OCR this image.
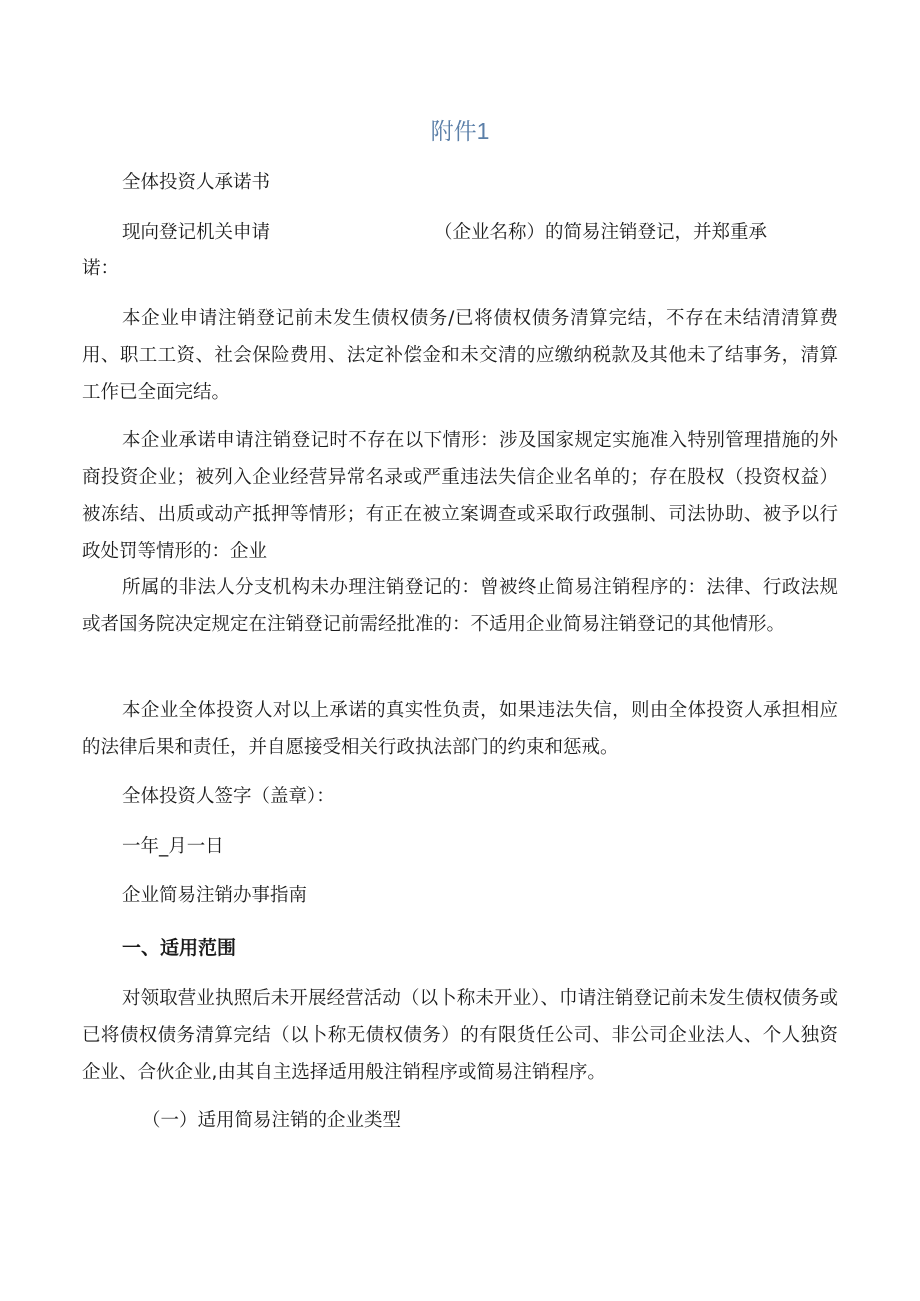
附件1
全体投资人承诺书
现向登记机关申请	（企业名称）的简易注销登记，并郑重承
诺：
本企业申请注销登记前未发生债权债务/已将债权债务清算完结，不存在未结清清算费用、职工工资、社会保险费用、法定补偿金和未交清的应缴纳税款及其他未了结事务，清算工作已全面完结。
本企业承诺申请注销登记时不存在以下情形：涉及国家规定实施准入特别管理措施的外商投资企业；被列入企业经营异常名录或严重违法失信企业名单的；存在股权（投资权益）被冻结、出质或动产抵押等情形；有正在被立案调查或采取行政强制、司法协助、被予以行政处罚等情形的：企业
所属的非法人分支机构未办理注销登记的：曾被终止简易注销程序的：法律、行政法规或者国务院决定规定在注销登记前需经批准的：不适用企业简易注销登记的其他情形。
本企业全体投资人对以上承诺的真实性负责，如果违法失信，则由全体投资人承担相应的法律后果和责任，并自愿接受相关行政执法部门的约束和惩戒。
全体投资人签字（盖章）：
一年_月一日
企业简易注销办事指南
一、适用范围
对领取营业执照后未开展经营活动（以卜称未开业）、巾请注销登记前未发生债权债务或已将债权债务清算完结（以卜称无债权债务）的有限货任公司、非公司企业法人、个人独资企业、合伙企业,由其自主选择适用般注销程序或简易注销程序。
（一）适用简易注销的企业类型
